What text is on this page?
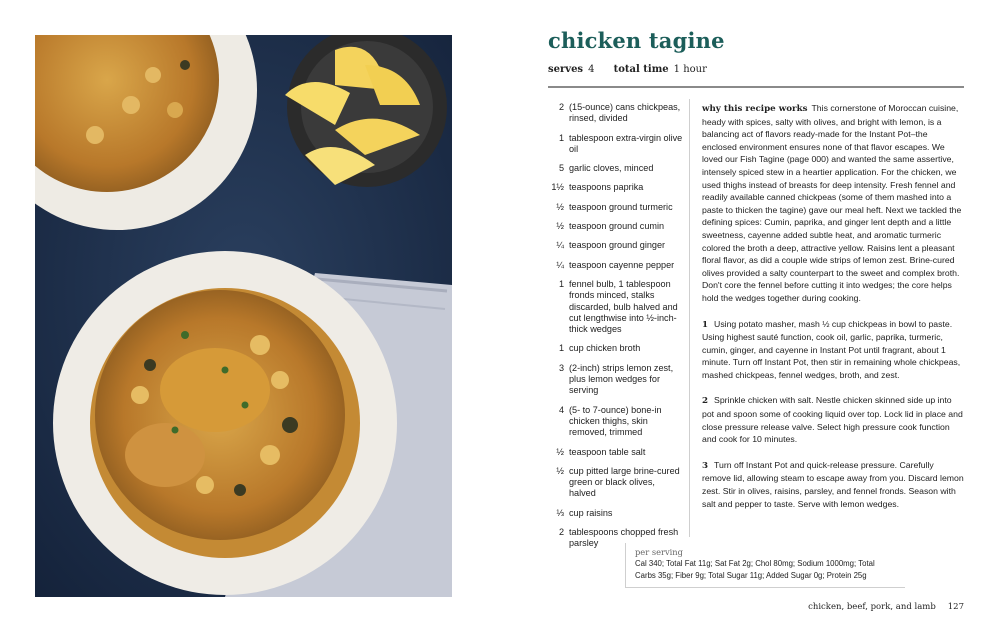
chicken tagine
serves 4 total time 1 hour
2 (15-ounce) cans chickpeas, rinsed, divided
1 tablespoon extra-virgin olive oil
5 garlic cloves, minced
1½ teaspoons paprika
½ teaspoon ground turmeric
½ teaspoon ground cumin
¼ teaspoon ground ginger
¼ teaspoon cayenne pepper
1 fennel bulb, 1 tablespoon fronds minced, stalks discarded, bulb halved and cut lengthwise into ½-inch-thick wedges
1 cup chicken broth
3 (2-inch) strips lemon zest, plus lemon wedges for serving
4 (5- to 7-ounce) bone-in chicken thighs, skin removed, trimmed
½ teaspoon table salt
½ cup pitted large brine-cured green or black olives, halved
⅓ cup raisins
2 tablespoons chopped fresh parsley

why this recipe works This cornerstone of Moroccan cuisine, heady with spices, salty with olives, and bright with lemon, is a balancing act of flavors ready-made for the Instant Pot–the enclosed environment ensures none of that flavor escapes. We loved our Fish Tagine (page 000) and wanted the same assertive, intensely spiced stew in a heartier application. For the chicken, we used thighs instead of breasts for deep intensity. Fresh fennel and readily available canned chickpeas (some of them mashed into a paste to thicken the tagine) gave our meal heft. Next we tackled the defining spices: Cumin, paprika, and ginger lent depth and a little sweetness, cayenne added subtle heat, and aromatic turmeric colored the broth a deep, attractive yellow. Raisins lent a pleasant floral flavor, as did a couple wide strips of lemon zest. Brine-cured olives provided a salty counterpart to the sweet and complex broth. Don't core the fennel before cutting it into wedges; the core helps hold the wedges together during cooking.

1 Using potato masher, mash ½ cup chickpeas in bowl to paste. Using highest sauté function, cook oil, garlic, paprika, turmeric, cumin, ginger, and cayenne in Instant Pot until fragrant, about 1 minute. Turn off Instant Pot, then stir in remaining whole chickpeas, mashed chickpeas, fennel wedges, broth, and zest.

2 Sprinkle chicken with salt. Nestle chicken skinned side up into pot and spoon some of cooking liquid over top. Lock lid in place and close pressure release valve. Select high pressure cook function and cook for 10 minutes.

3 Turn off Instant Pot and quick-release pressure. Carefully remove lid, allowing steam to escape away from you. Discard lemon zest. Stir in olives, raisins, parsley, and fennel fronds. Season with salt and pepper to taste. Serve with lemon wedges.

per serving
Cal 340; Total Fat 11g; Sat Fat 2g; Chol 80mg; Sodium 1000mg; Total
Carbs 35g; Fiber 9g; Total Sugar 11g; Added Sugar 0g; Protein 25g
chicken, beef, pork, and lamb 127
